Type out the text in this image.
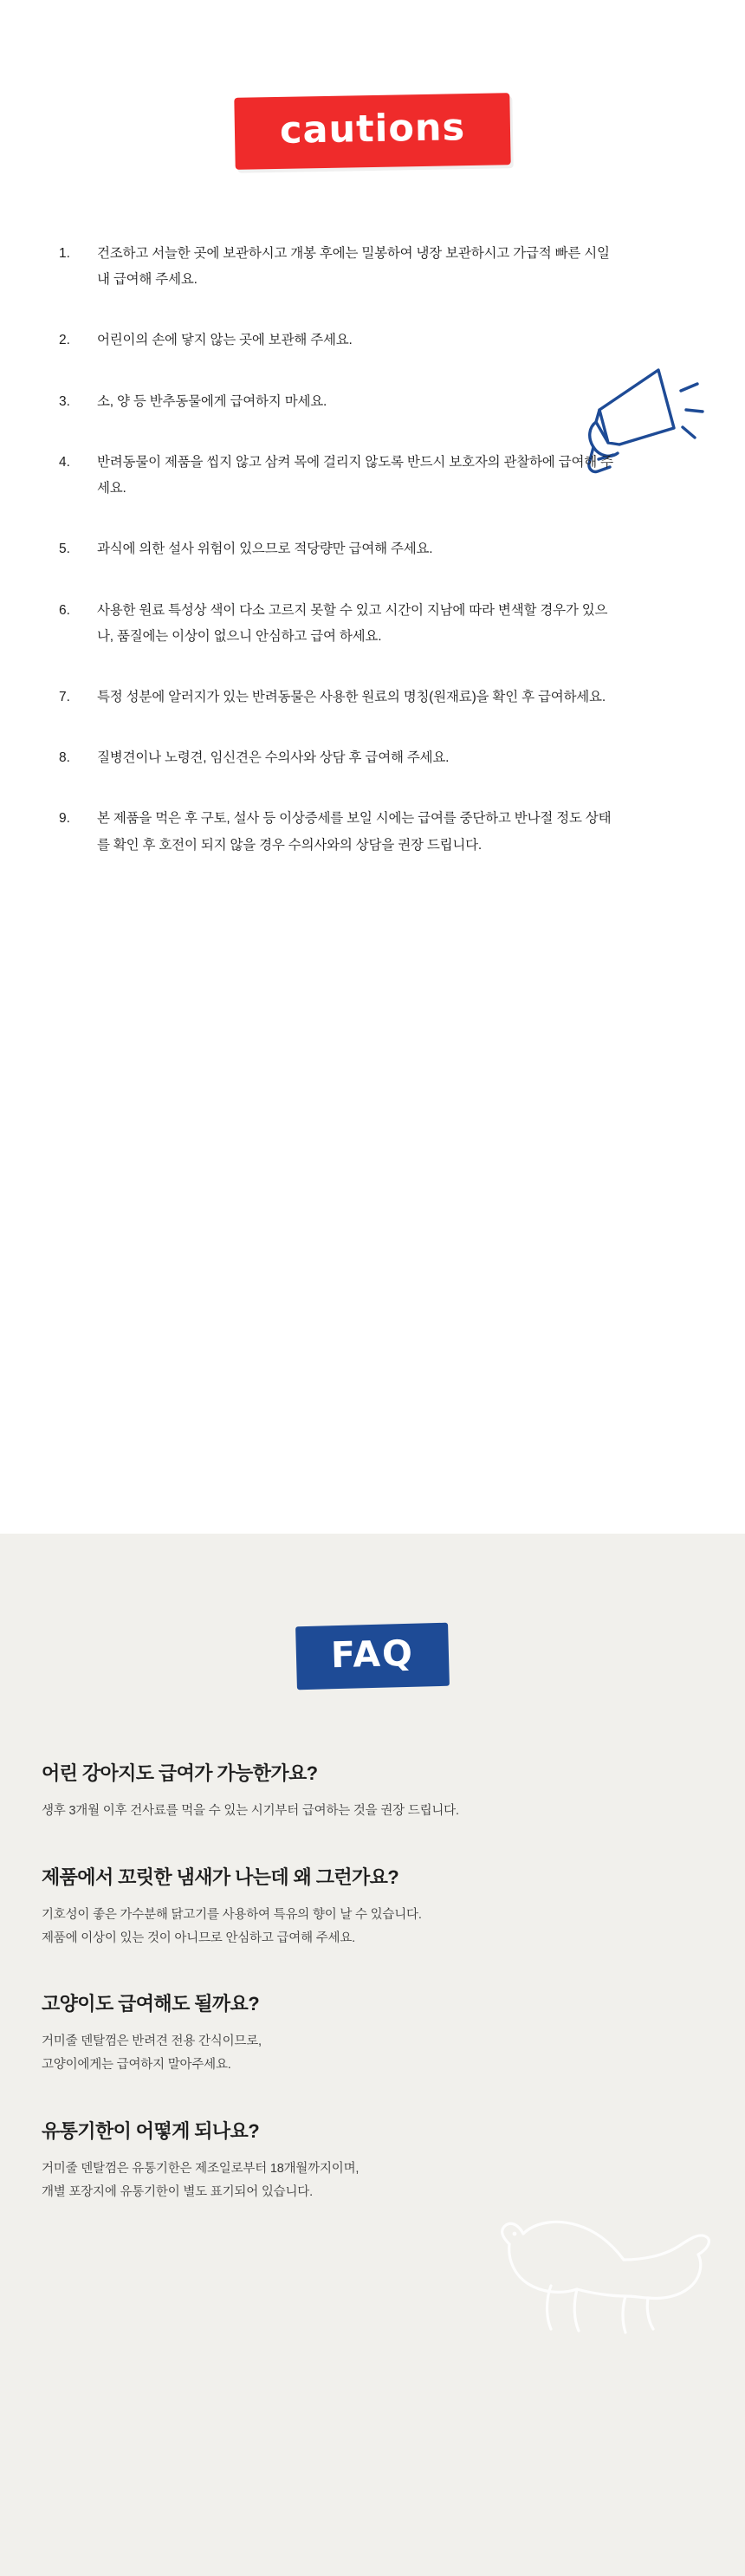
cautions
1.	건조하고 서늘한 곳에 보관하시고 개봉 후에는 밀봉하여 냉장 보관하시고 가급적 빠른 시일 내 급여해 주세요.
2.	어린이의 손에 닿지 않는 곳에 보관해 주세요.
3.	소, 양 등 반추동물에게 급여하지 마세요.
4.	반려동물이 제품을 씹지 않고 삼켜 목에 걸리지 않도록 반드시 보호자의 관찰하에 급여해 주세요.
5.	과식에 의한 설사 위험이 있으므로 적당량만 급여해 주세요.
6.	사용한 원료 특성상 색이 다소 고르지 못할 수 있고 시간이 지남에 따라 변색할 경우가 있으나, 품질에는 이상이 없으니 안심하고 급여 하세요.
7.	특정 성분에 알러지가 있는 반려동물은 사용한 원료의 명칭(원재료)을 확인 후 급여하세요.
8.	질병견이나 노령견, 임신견은 수의사와 상담 후 급여해 주세요.
9.	본 제품을 먹은 후 구토, 설사 등 이상증세를 보일 시에는 급여를 중단하고 반나절 정도 상태를 확인 후 호전이 되지 않을 경우 수의사와의 상담을 권장 드립니다.
FAQ
어린 강아지도 급여가 가능한가요?
생후 3개월 이후 건사료를 먹을 수 있는 시기부터 급여하는 것을 권장 드립니다.
제품에서 꼬릿한 냄새가 나는데 왜 그런가요?
기호성이 좋은 가수분해 닭고기를 사용하여 특유의 향이 날 수 있습니다.
제품에 이상이 있는 것이 아니므로 안심하고 급여해 주세요.
고양이도 급여해도 될까요?
거미줄 덴탈껌은 반려견 전용 간식이므로,
고양이에게는 급여하지 말아주세요.
유통기한이 어떻게 되나요?
거미줄 덴탈껌은 유통기한은 제조일로부터 18개월까지이며,
개별 포장지에 유통기한이 별도 표기되어 있습니다.
